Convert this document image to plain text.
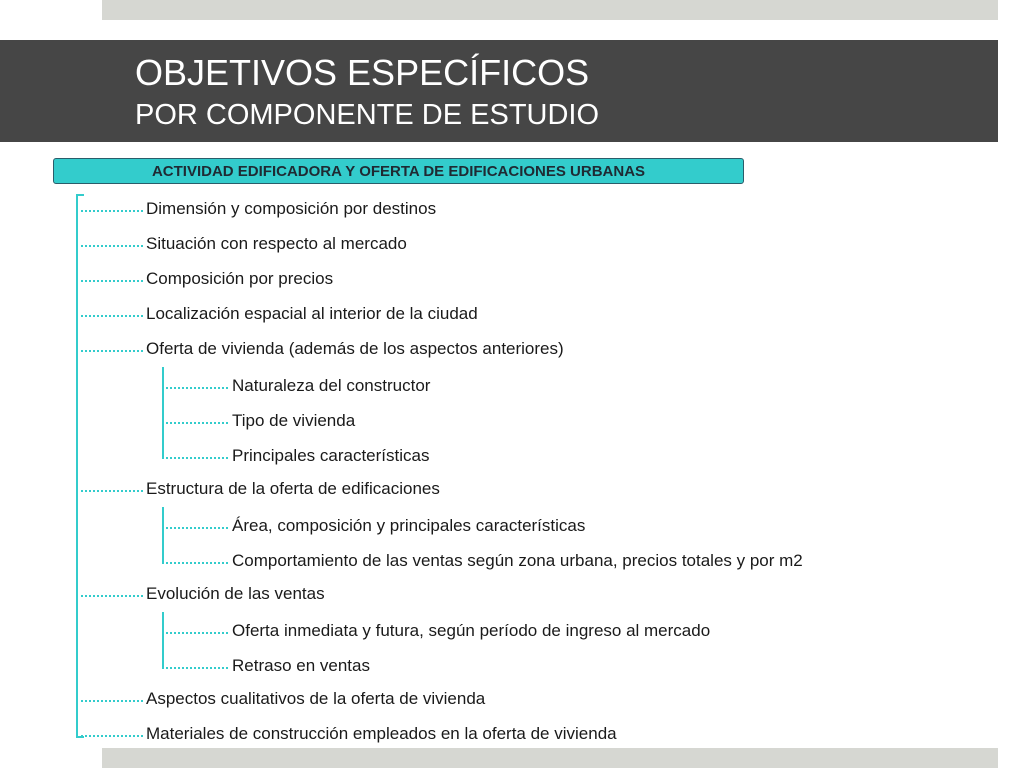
OBJETIVOS ESPECÍFICOS
POR COMPONENTE DE ESTUDIO
ACTIVIDAD EDIFICADORA Y OFERTA DE EDIFICACIONES URBANAS
Dimensión y composición por destinos
Situación con respecto al mercado
Composición por precios
Localización espacial al interior de la ciudad
Oferta de vivienda (además de los aspectos anteriores)
Naturaleza del constructor
Tipo de vivienda
Principales características
Estructura de la oferta de edificaciones
Área, composición y principales características
Comportamiento de las ventas según zona urbana, precios totales y por m2
Evolución de las ventas
Oferta inmediata y futura, según período de ingreso al mercado
Retraso en ventas
Aspectos cualitativos de la oferta de vivienda
Materiales de construcción empleados en la oferta de vivienda
